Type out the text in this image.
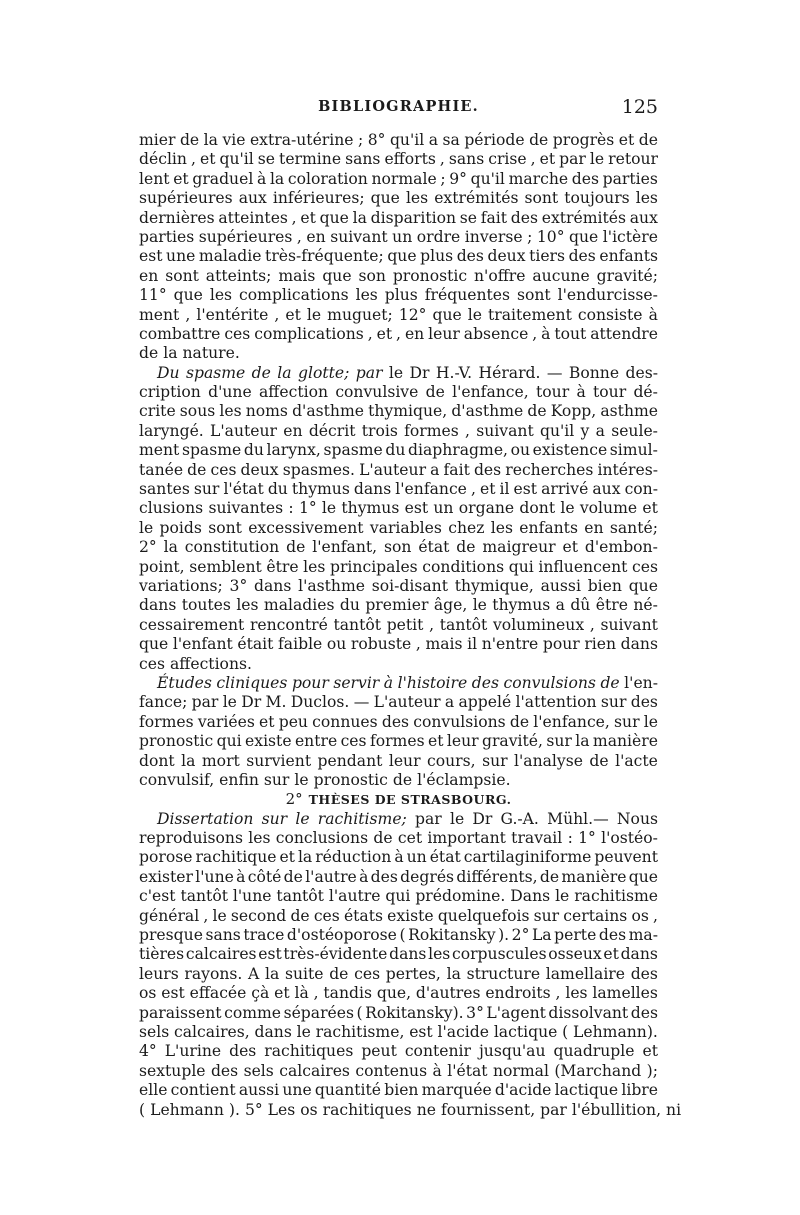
BIBLIOGRAPHIE.	125
mier de la vie extra-utérine ; 8° qu'il a sa période de progrès et de
déclin , et qu'il se termine sans efforts , sans crise , et par le retour
lent et graduel à la coloration normale ; 9° qu'il marche des parties
supérieures aux inférieures; que les extrémités sont toujours les
dernières atteintes , et que la disparition se fait des extrémités aux
parties supérieures , en suivant un ordre inverse ; 10° que l'ictère
est une maladie très-fréquente; que plus des deux tiers des enfants
en sont atteints; mais que son pronostic n'offre aucune gravité;
11° que les complications les plus fréquentes sont l'endurcisse-
ment , l'entérite , et le muguet; 12° que le traitement consiste à
combattre ces complications , et , en leur absence , à tout attendre
de la nature.
Du spasme de la glotte; par le Dr H.-V. Hérard. — Bonne des-
cription d'une affection convulsive de l'enfance, tour à tour dé-
crite sous les noms d'asthme thymique, d'asthme de Kopp, asthme
laryngé. L'auteur en décrit trois formes , suivant qu'il y a seule-
ment spasme du larynx, spasme du diaphragme, ou existence simul-
tanée de ces deux spasmes. L'auteur a fait des recherches intéres-
santes sur l'état du thymus dans l'enfance , et il est arrivé aux con-
clusions suivantes : 1° le thymus est un organe dont le volume et
le poids sont excessivement variables chez les enfants en santé;
2° la constitution de l'enfant, son état de maigreur et d'embon-
point, semblent être les principales conditions qui influencent ces
variations; 3° dans l'asthme soi-disant thymique, aussi bien que
dans toutes les maladies du premier âge, le thymus a dû être né-
cessairement rencontré tantôt petit , tantôt volumineux , suivant
que l'enfant était faible ou robuste , mais il n'entre pour rien dans
ces affections.
Études cliniques pour servir à l'histoire des convulsions de l'en-
fance; par le Dr M. Duclos. — L'auteur a appelé l'attention sur des
formes variées et peu connues des convulsions de l'enfance, sur le
pronostic qui existe entre ces formes et leur gravité, sur la manière
dont la mort survient pendant leur cours, sur l'analyse de l'acte
convulsif, enfin sur le pronostic de l'éclampsie.
2° THÈSES DE STRASBOURG.
Dissertation sur le rachitisme; par le Dr G.-A. Mühl.— Nous
reproduisons les conclusions de cet important travail : 1° l'ostéo-
porose rachitique et la réduction à un état cartilaginiforme peuvent
exister l'une à côté de l'autre à des degrés différents, de manière que
c'est tantôt l'une tantôt l'autre qui prédomine. Dans le rachitisme
général , le second de ces états existe quelquefois sur certains os ,
presque sans trace d'ostéoporose ( Rokitansky ). 2° La perte des ma-
tières calcaires est très-évidente dans les corpuscules osseux et dans
leurs rayons. A la suite de ces pertes, la structure lamellaire des
os est effacée çà et là , tandis que, d'autres endroits , les lamelles
paraissent comme séparées ( Rokitansky). 3° L'agent dissolvant des
sels calcaires, dans le rachitisme, est l'acide lactique ( Lehmann).
4° L'urine des rachitiques peut contenir jusqu'au quadruple et
sextuple des sels calcaires contenus à l'état normal (Marchand );
elle contient aussi une quantité bien marquée d'acide lactique libre
( Lehmann ). 5° Les os rachitiques ne fournissent, par l'ébullition, ni
